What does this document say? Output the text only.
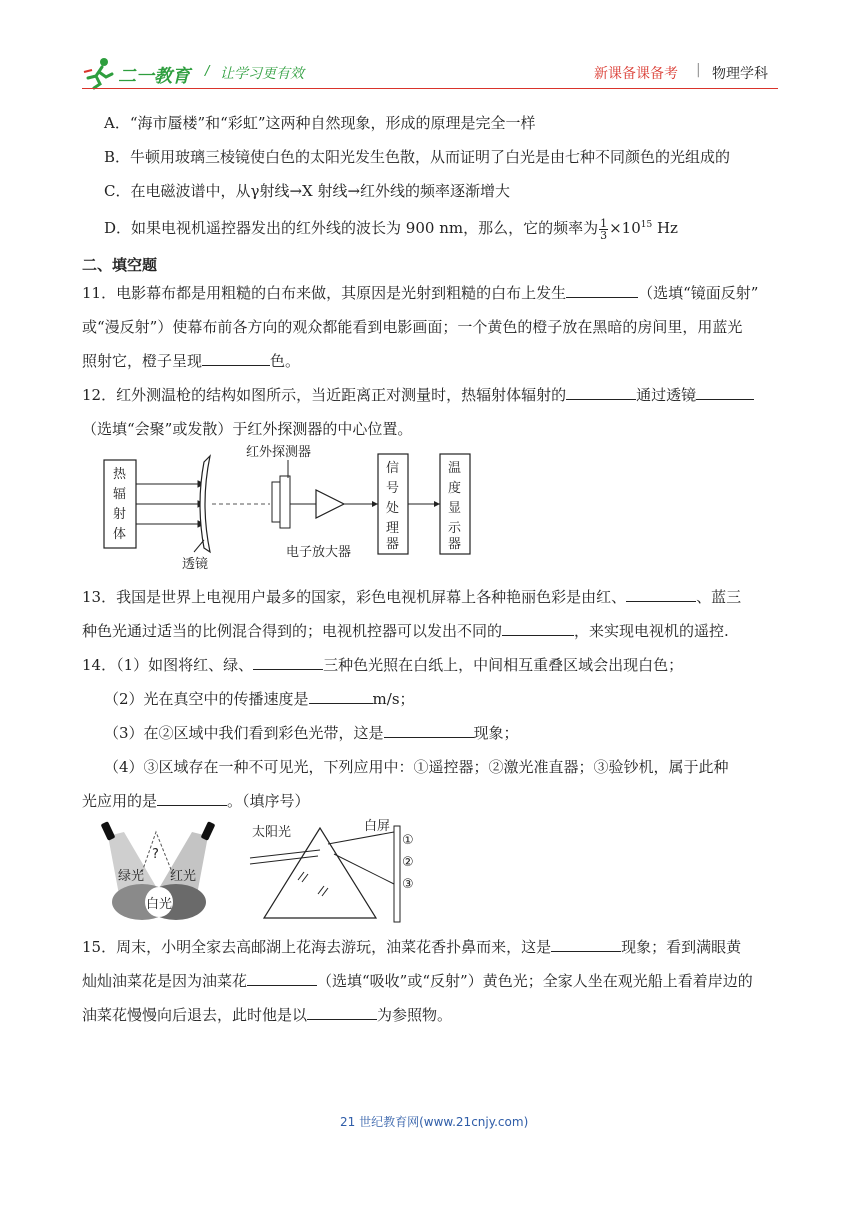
二一教育 / 让学习更有效	新课备课备考 | 物理学科
A．“海市蜃楼”和“彩虹”这两种自然现象，形成的原理是完全一样
B．牛顿用玻璃三棱镜使白色的太阳光发生色散，从而证明了白光是由七种不同颜色的光组成的
C．在电磁波谱中，从γ射线→X 射线→红外线的频率逐渐增大
D．如果电视机遥控器发出的红外线的波长为 900 nm，那么，它的频率为 $\frac{1}{3} \times 10^{15}$ Hz
二、填空题
11．电影幕布都是用粗糙的白布来做，其原因是光射到粗糙的白布上发生	（选填“镜面反射”
或“漫反射”）使幕布前各方向的观众都能看到电影画面；一个黄色的橙子放在黑暗的房间里，用蓝光
照射它，橙子呈现	色。
12．红外测温枪的结构如图所示，当近距离正对测量时，热辐射体辐射的	通过透镜
（选填“会聚”或发散）于红外探测器的中心位置。
热
辐
射
体
透镜
红外探测器
电子放大器
信
号
处
理
器
温
度
显
示
器
13．我国是世界上电视用户最多的国家，彩色电视机屏幕上各种艳丽色彩是由红、	、蓝三
种色光通过适当的比例混合得到的；电视机控器可以发出不同的	，来实现电视机的遥控.
14．（1）如图将红、绿、	三种色光照在白纸上，中间相互重叠区域会出现白色；
（2）光在真空中的传播速度是	m/s；
（3）在②区域中我们看到彩色光带，这是	现象；
（4）③区域存在一种不可见光，下列应用中：①遥控器；②激光准直器；③验钞机，属于此种
光应用的是	。（填序号）
?
绿光 红光
白光
太阳光	白屏
①
②
③
15．周末，小明全家去高邮湖上花海去游玩，油菜花香扑鼻而来，这是	现象；看到满眼黄
灿灿油菜花是因为油菜花	（选填“吸收”或“反射”）黄色光；全家人坐在观光船上看着岸边的
油菜花慢慢向后退去，此时他是以	为参照物。
21 世纪教育网(www.21cnjy.com)
